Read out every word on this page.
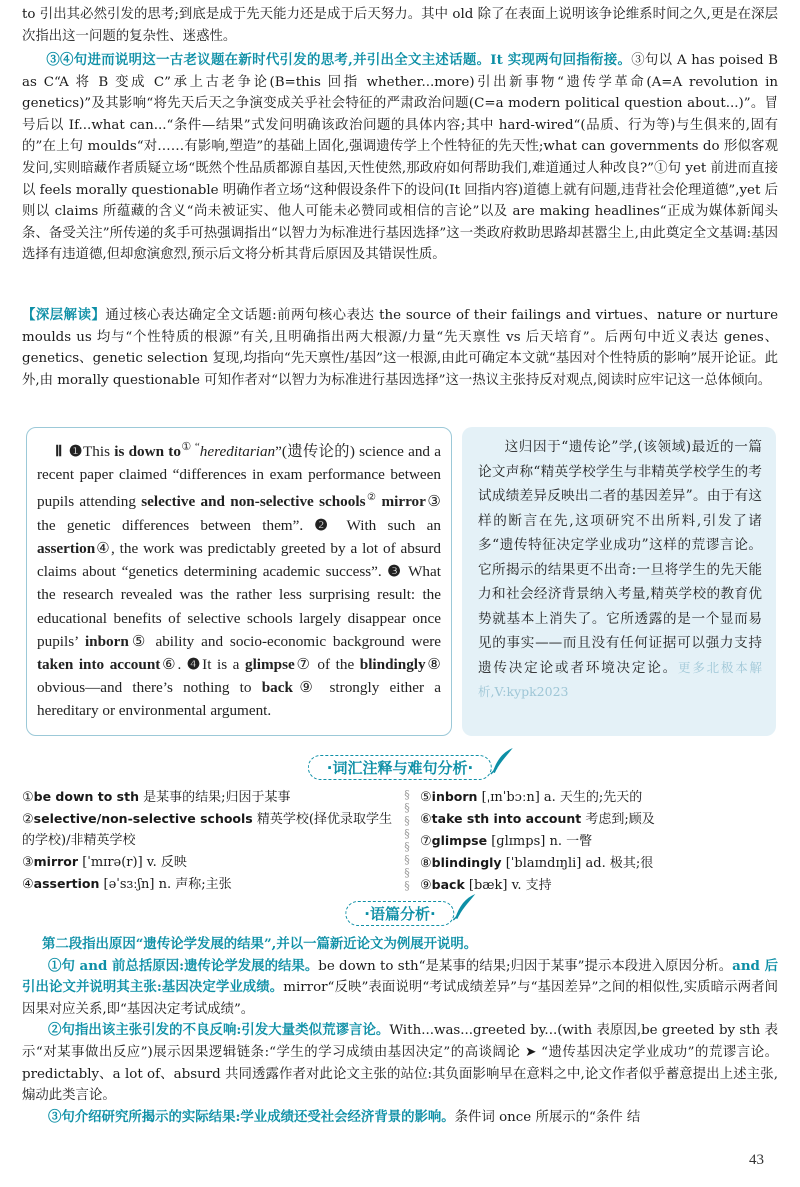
to 引出其必然引发的思考;到底是成于先天能力还是成于后天努力。其中 old 除了在表面上说明该争论维系时间之久,更是在深层次指出这一问题的复杂性、迷惑性。
③④句进而说明这一古老议题在新时代引发的思考,并引出全文主述话题。It 实现两句回指衔接。③句以 A has poised B as C“A 将 B 变成 C”承上古老争论(B=this 回指 whether...more)引出新事物“遗传学革命(A=A revolution in genetics)”及其影响“将先天后天之争演变成关乎社会特征的严肃政治问题(C=a modern political question about...)”。冒号后以 If...what can...“条件—结果”式发问明确该政治问题的具体内容;其中 hard-wired“(品质、行为等)与生俱来的,固有的”在上句 moulds“对……有影响,塑造”的基础上固化,强调遗传学上个性特征的先天性;what can governments do 形似客观发问,实则暗藏作者质疑立场“既然个性品质都源自基因,天性使然,那政府如何帮助我们,难道通过人种改良?”①句 yet 前进而直接以 feels morally questionable 明确作者立场“这种假设条件下的设问(It 回指内容)道德上就有问题,违背社会伦理道德”,yet 后则以 claims 所蕴藏的含义“尚未被证实、他人可能未必赞同或相信的言论”以及 are making headlines“正成为媒体新闻头条、备受关注”所传递的炙手可热强调指出“以智力为标准进行基因选择”这一类政府救助思路却甚嚣尘上,由此奠定全文基调:基因选择有违道德,但却愈演愈烈,预示后文将分析其背后原因及其错误性质。
【深层解读】通过核心表达确定全文话题:前两句核心表达 the source of their failings and virtues、nature or nurture moulds us 均与“个性特质的根源”有关,且明确指出两大根源/力量“先天禀性 vs 后天培育”。后两句中近义表达 genes、genetics、genetic selection 复现,均指向“先天禀性/基因”这一根源,由此可确定本文就“基因对个性特质的影响”展开论证。此外,由 morally questionable 可知作者对“以智力为标准进行基因选择”这一热议主张持反对观点,阅读时应牢记这一总体倾向。
Ⅱ ❶This is down to① “hereditarian”(遗传论的) science and a recent paper claimed “differences in exam performance between pupils attending selective and non-selective schools② mirror③ the genetic differences between them”. ❷ With such an assertion④, the work was predictably greeted by a lot of absurd claims about “genetics determining academic success”. ❸ What the research revealed was the rather less surprising result: the educational benefits of selective schools largely disappear once pupils’ inborn⑤ ability and socio-economic background were taken into account⑥. ❹It is a glimpse⑦ of the blindingly⑧ obvious—and there’s nothing to back⑨ strongly either a hereditary or environmental argument.
这归因于“遗传论”学,(该领域)最近的一篇论文声称“精英学校学生与非精英学校学生的考试成绩差异反映出二者的基因差异”。由于有这样的断言在先,这项研究不出所料,引发了诸多“遗传特征决定学业成功”这样的荒谬言论。它所揭示的结果更不出奇:一旦将学生的先天能力和社会经济背景纳入考量,精英学校的教育优势就基本上消失了。它所透露的是一个显而易见的事实——而且没有任何证据可以强力支持遗传决定论或者环境决定论。更多北极本解析,V:kypk2023
·词汇注释与难句分析·
①be down to sth 是某事的结果;归因于某事
②selective/non-selective schools 精英学校(择优录取学生的学校)/非精英学校
③mirror [ˈmɪrə(r)] v. 反映
④assertion [əˈsɜːʃn] n. 声称;主张
§
§
§
§
§
§
§
§
⑤inborn [ˌɪnˈbɔːn] a. 天生的;先天的
⑥take sth into account 考虑到;顾及
⑦glimpse [ɡlɪmps] n. 一瞥
⑧blindingly [ˈblaɪndɪŋli] ad. 极其;很
⑨back [bæk] v. 支持
·语篇分析·
第二段指出原因“遗传论学发展的结果”,并以一篇新近论文为例展开说明。
①句 and 前总括原因:遗传论学发展的结果。be down to sth“是某事的结果;归因于某事”提示本段进入原因分析。and 后引出论文并说明其主张:基因决定学业成绩。mirror“反映”表面说明“考试成绩差异”与“基因差异”之间的相似性,实质暗示两者间因果对应关系,即“基因决定考试成绩”。
②句指出该主张引发的不良反响:引发大量类似荒谬言论。With...was...greeted by...(with 表原因,be greeted by sth 表示“对某事做出反应”)展示因果逻辑链条:“学生的学习成绩由基因决定”的高谈阔论 ➤ “遗传基因决定学业成功”的荒谬言论。predictably、a lot of、absurd 共同透露作者对此论文主张的站位:其负面影响早在意料之中,论文作者似乎蓄意提出上述主张,煽动此类言论。
③句介绍研究所揭示的实际结果:学业成绩还受社会经济背景的影响。条件词 once 所展示的“条件 结
43
